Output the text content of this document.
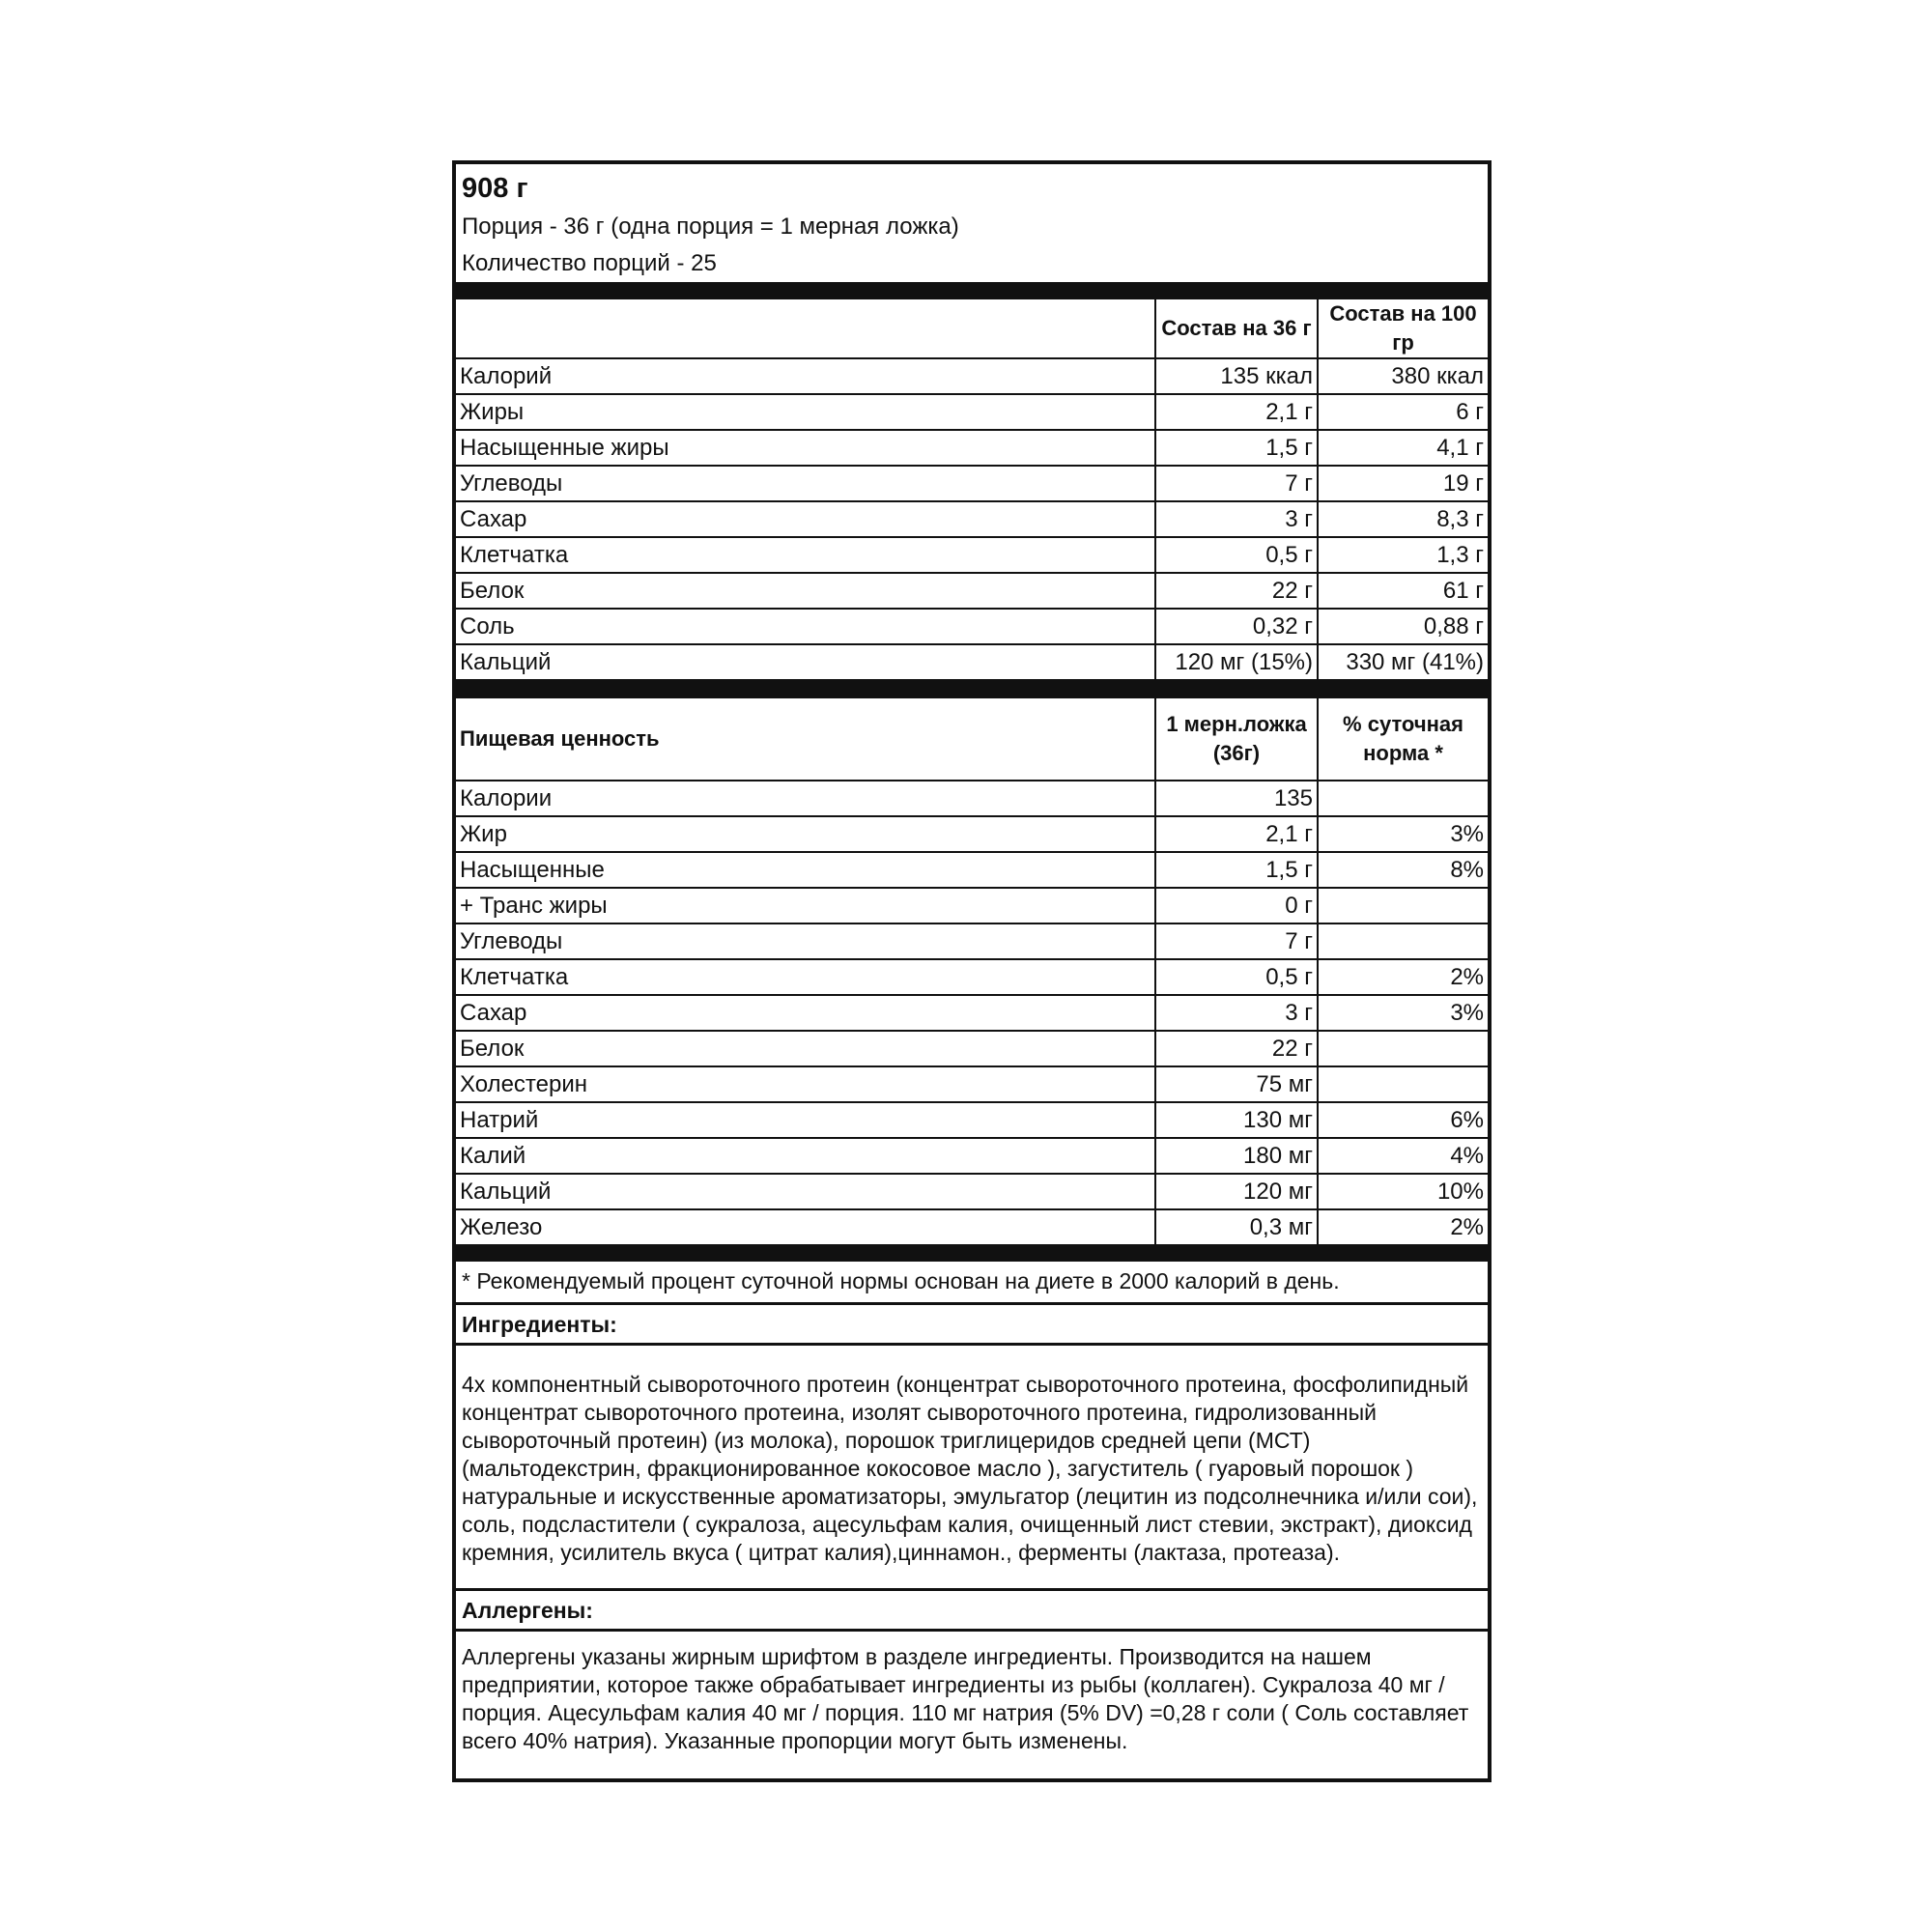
908 г
Порция - 36 г (одна порция = 1 мерная ложка)
Количество порций - 25
	Состав на 36 г	Состав на 100 гр
Калорий	135 ккал	380 ккал
Жиры	2,1 г	6 г
Насыщенные жиры	1,5 г	4,1 г
Углеводы	7 г	19 г
Сахар	3 г	8,3 г
Клетчатка	0,5 г	1,3 г
Белок	22 г	61 г
Соль	0,32 г	0,88 г
Кальций	120 мг (15%)	330 мг (41%)
Пищевая ценность	1 мерн.ложка (36г)	% суточная норма *
Калории	135	
Жир	2,1 г	3%
Насыщенные	1,5 г	8%
+ Транс жиры	0 г	
Углеводы	7 г	
Клетчатка	0,5 г	2%
Сахар	3 г	3%
Белок	22 г	
Холестерин	75 мг	
Натрий	130 мг	6%
Калий	180 мг	4%
Кальций	120 мг	10%
Железо	0,3 мг	2%
* Рекомендуемый процент суточной нормы основан на диете в 2000 калорий в день.
Ингредиенты:
4х компонентный сывороточного протеин (концентрат сывороточного протеина, фосфолипидный концентрат сывороточного протеина, изолят сывороточного протеина, гидролизованный сывороточный протеин) (из молока), порошок триглицеридов средней цепи (МСТ) (мальтодекстрин, фракционированное кокосовое масло ), загуститель ( гуаровый порошок ) натуральные и искусственные ароматизаторы, эмульгатор (лецитин из подсолнечника и/или сои), соль, подсластители ( сукралоза, ацесульфам калия, очищенный лист стевии, экстракт), диоксид кремния, усилитель вкуса ( цитрат калия),циннамон., ферменты (лактаза, протеаза).
Аллергены:
Аллергены указаны жирным шрифтом в разделе ингредиенты. Производится на нашем предприятии, которое также обрабатывает ингредиенты из рыбы (коллаген). Сукралоза 40 мг / порция. Ацесульфам калия 40 мг / порция. 110 мг натрия (5% DV) =0,28 г соли ( Соль составляет всего 40% натрия). Указанные пропорции могут быть изменены.
